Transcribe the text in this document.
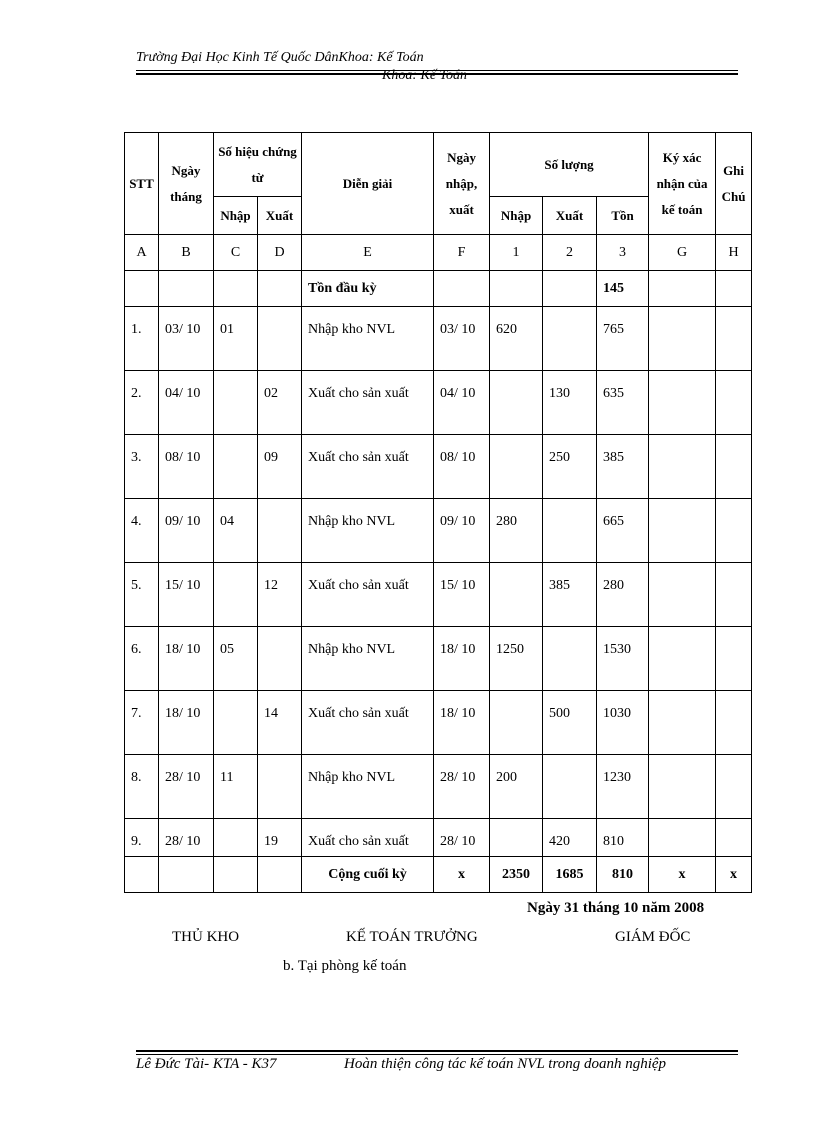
Trường Đại Học Kinh Tế Quốc DânKhoa: Kế Toán
Khoa: Kế Toán
STT	Ngày tháng	Số hiệu chứng từ		Diễn giải	Ngày nhập, xuất	Số lượng			Ký xác nhận của kế toán	Ghi Chú
		Nhập	Xuất			Nhập	Xuất	Tồn		
A	B	C	D	E	F	1	2	3	G	H
				Tồn đầu kỳ				145		
1.	03/ 10	01		Nhập kho NVL	03/ 10	620		765		
2.	04/ 10		02	Xuất cho sản xuất	04/ 10		130	635		
3.	08/ 10		09	Xuất cho sản xuất	08/ 10		250	385		
4.	09/ 10	04		Nhập kho NVL	09/ 10	280		665		
5.	15/ 10		12	Xuất cho sản xuất	15/ 10		385	280		
6.	18/ 10	05		Nhập kho NVL	18/ 10	1250		1530		
7.	18/ 10		14	Xuất cho sản xuất	18/ 10		500	1030		
8.	28/ 10	11		Nhập kho NVL	28/ 10	200		1230		
9.	28/ 10		19	Xuất cho sản xuất	28/ 10		420	810		
				Cộng cuối kỳ	x	2350	1685	810	x	x
Ngày 31 tháng 10 năm 2008
THỦ KHO	KẾ TOÁN TRƯỞNG	GIÁM ĐỐC
b. Tại phòng kế toán
Lê Đức Tài- KTA - K37	Hoàn thiện công tác kế toán NVL trong doanh nghiệp
